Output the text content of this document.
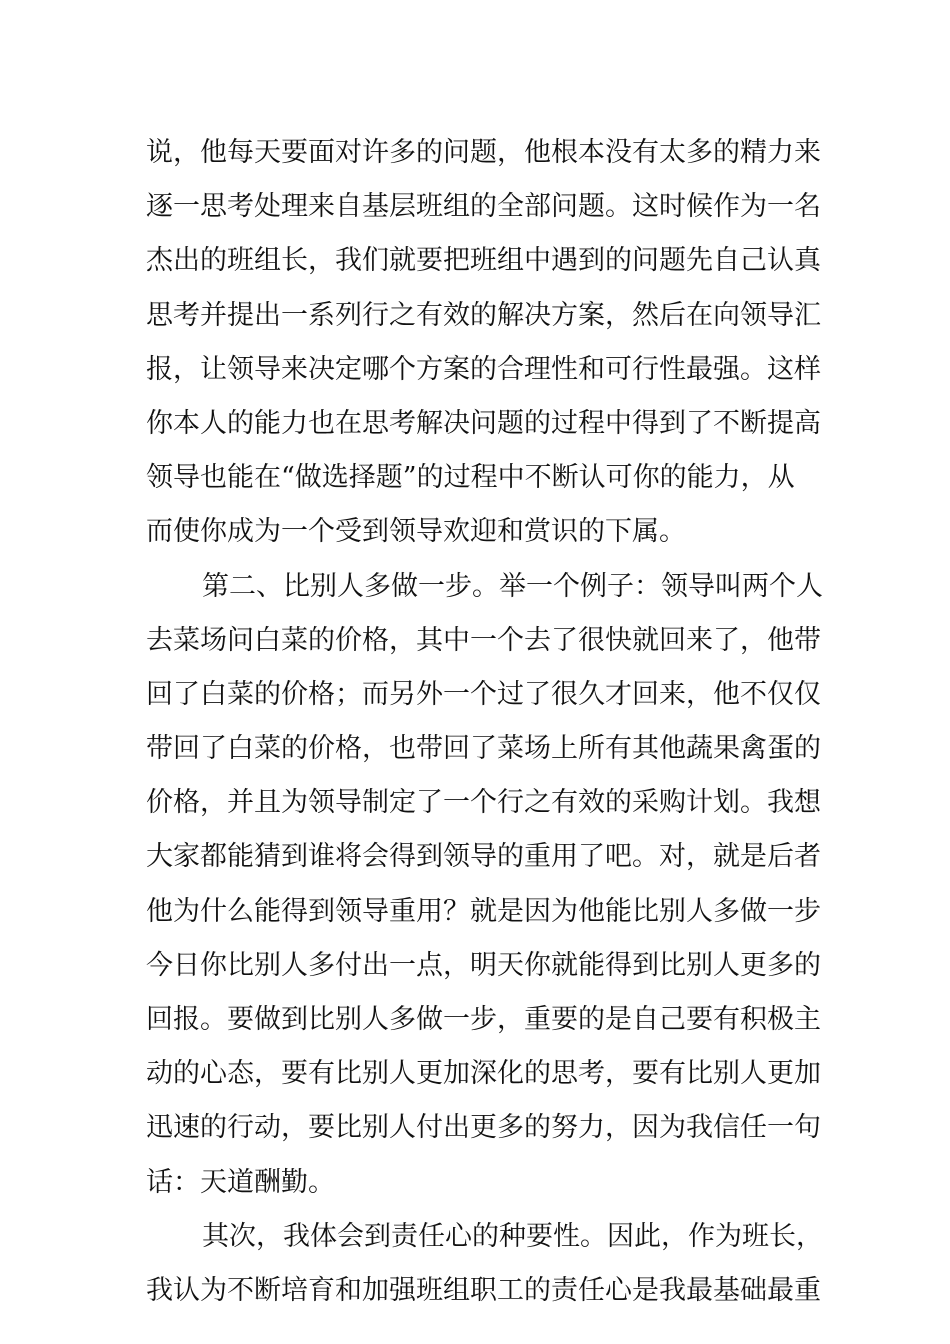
说，他每天要面对许多的问题，他根本没有太多的精力来
逐一思考处理来自基层班组的全部问题。这时候作为一名
杰出的班组长，我们就要把班组中遇到的问题先自己认真
思考并提出一系列行之有效的解决方案，然后在向领导汇
报，让领导来决定哪个方案的合理性和可行性最强。这样
你本人的能力也在思考解决问题的过程中得到了不断提高
领导也能在“做选择题”的过程中不断认可你的能力，从
而使你成为一个受到领导欢迎和赏识的下属。
第二、比别人多做一步。举一个例子：领导叫两个人
去菜场问白菜的价格，其中一个去了很快就回来了，他带
回了白菜的价格；而另外一个过了很久才回来，他不仅仅
带回了白菜的价格，也带回了菜场上所有其他蔬果禽蛋的
价格，并且为领导制定了一个行之有效的采购计划。我想
大家都能猜到谁将会得到领导的重用了吧。对，就是后者
他为什么能得到领导重用？就是因为他能比别人多做一步
今日你比别人多付出一点，明天你就能得到比别人更多的
回报。要做到比别人多做一步，重要的是自己要有积极主
动的心态，要有比别人更加深化的思考，要有比别人更加
迅速的行动，要比别人付出更多的努力，因为我信任一句
话：天道酬勤。
其次，我体会到责任心的种要性。因此，作为班长，
我认为不断培育和加强班组职工的责任心是我最基础最重
